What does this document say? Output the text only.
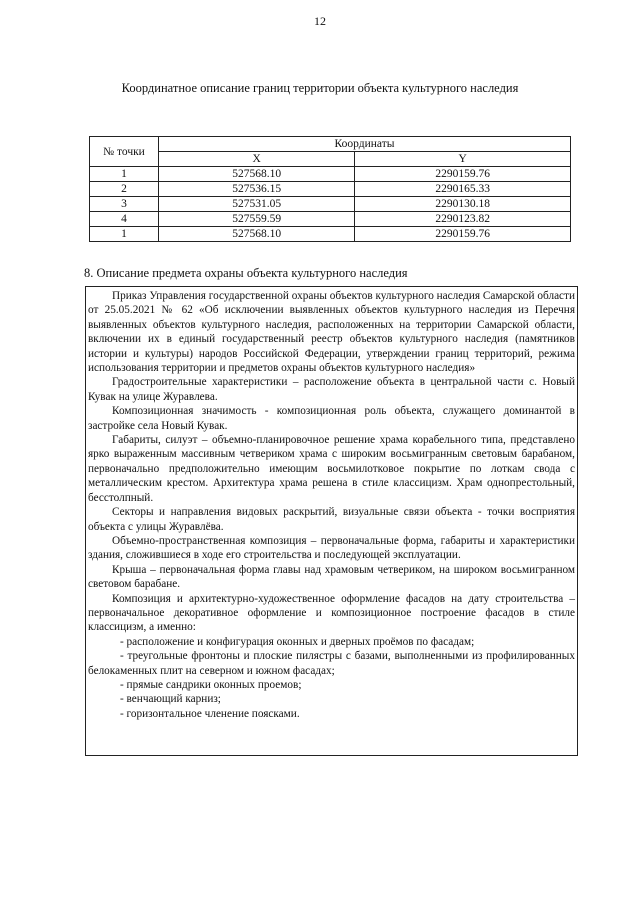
12
Координатное описание границ территории объекта культурного наследия
№ точки	Координаты	
	X	Y
1	527568.10	2290159.76
2	527536.15	2290165.33
3	527531.05	2290130.18
4	527559.59	2290123.82
1	527568.10	2290159.76
8. Описание предмета охраны объекта культурного наследия

Приказ Управления государственной охраны объектов культурного наследия Самарской области от 25.05.2021 № 62 «Об исключении выявленных объектов культурного наследия из Перечня выявленных объектов культурного наследия, расположенных на территории Самарской области, включении их в единый государственный реестр объектов культурного наследия (памятников истории и культуры) народов Российской Федерации, утверждении границ территорий, режима использования территории и предметов охраны объектов культурного наследия»

Градостроительные характеристики – расположение объекта в центральной части с. Новый Кувак на улице Журавлева.

Композиционная значимость - композиционная роль объекта, служащего доминантой в застройке села Новый Кувак.

Габариты, силуэт – объемно-планировочное решение храма корабельного типа, представлено ярко выраженным массивным четвериком храма с широким восьмигранным световым барабаном, первоначально предположительно имеющим восьмилотковое покрытие по лоткам свода с металлическим крестом. Архитектура храма решена в стиле классицизм. Храм однопрестольный, бесстолпный.

Секторы и направления видовых раскрытий, визуальные связи объекта - точки восприятия объекта с улицы Журавлёва.

Объемно-пространственная композиция – первоначальные форма, габариты и характеристики здания, сложившиеся в ходе его строительства и последующей эксплуатации.

Крыша – первоначальная форма главы над храмовым четвериком, на широком восьмигранном световом барабане.

Композиция и архитектурно-художественное оформление фасадов на дату строительства – первоначальное декоративное оформление и композиционное построение фасадов в стиле классицизм, а именно:

- расположение и конфигурация оконных и дверных проёмов по фасадам;

- треугольные фронтоны и плоские пилястры с базами, выполненными из профилированных белокаменных плит на северном и южном фасадах;

- прямые сандрики оконных проемов;

- венчающий карниз;

- горизонтальное членение поясками.
